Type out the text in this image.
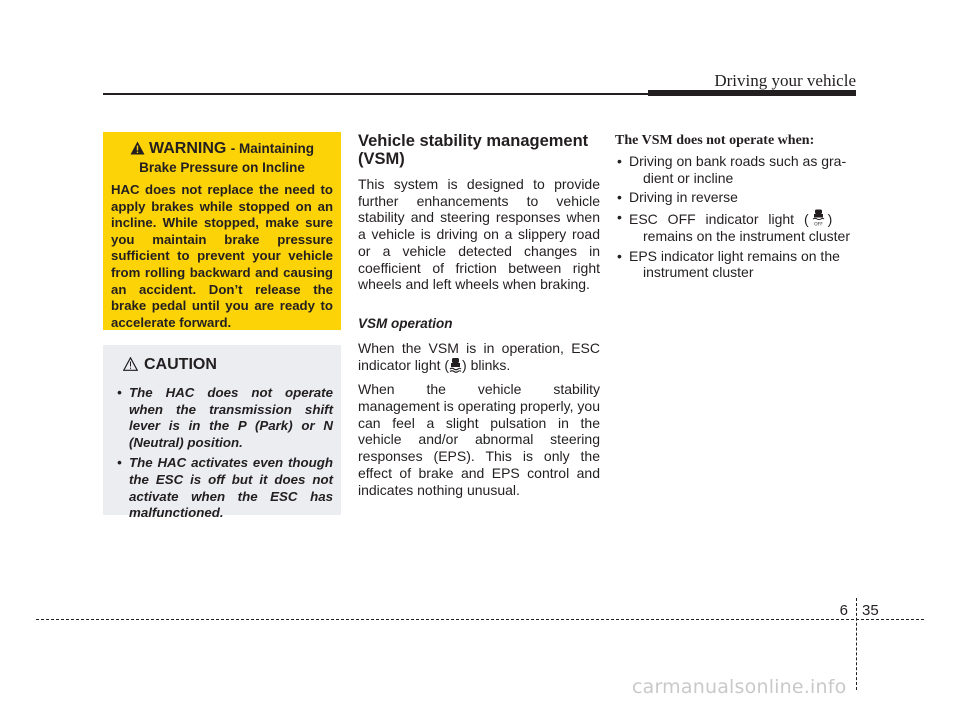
Driving your vehicle
WARNING - Maintaining
Brake Pressure on Incline
HAC does not replace the need to apply brakes while stopped on an incline. While stopped, make sure you maintain brake pressure sufficient to prevent your vehicle from rolling backward and causing an accident. Don’t release the brake pedal until you are ready to accelerate forward.
CAUTION
• The HAC does not operate when the transmission shift lever is in the P (Park) or N (Neutral) position.
• The HAC activates even though the ESC is off but it does not activate when the ESC has malfunctioned.
Vehicle stability management (VSM)

This system is designed to provide further enhancements to vehicle stability and steering responses when a vehicle is driving on a slippery road or a vehicle detected changes in coefficient of friction between right wheels and left wheels when braking.

VSM operation

When the VSM is in operation, ESC indicator light ( ) blinks.

When the vehicle stability management is operating properly, you can feel a slight pulsation in the vehicle and/or abnormal steering responses (EPS). This is only the effect of brake and EPS control and indicates nothing unusual.

The VSM does not operate when:
• Driving on bank roads such as gra-
dient or incline
• Driving in reverse
• ESC OFF indicator light ( OFF )
remains on the instrument cluster
• EPS indicator light remains on the
instrument cluster
6 35
carmanualsonline.info
